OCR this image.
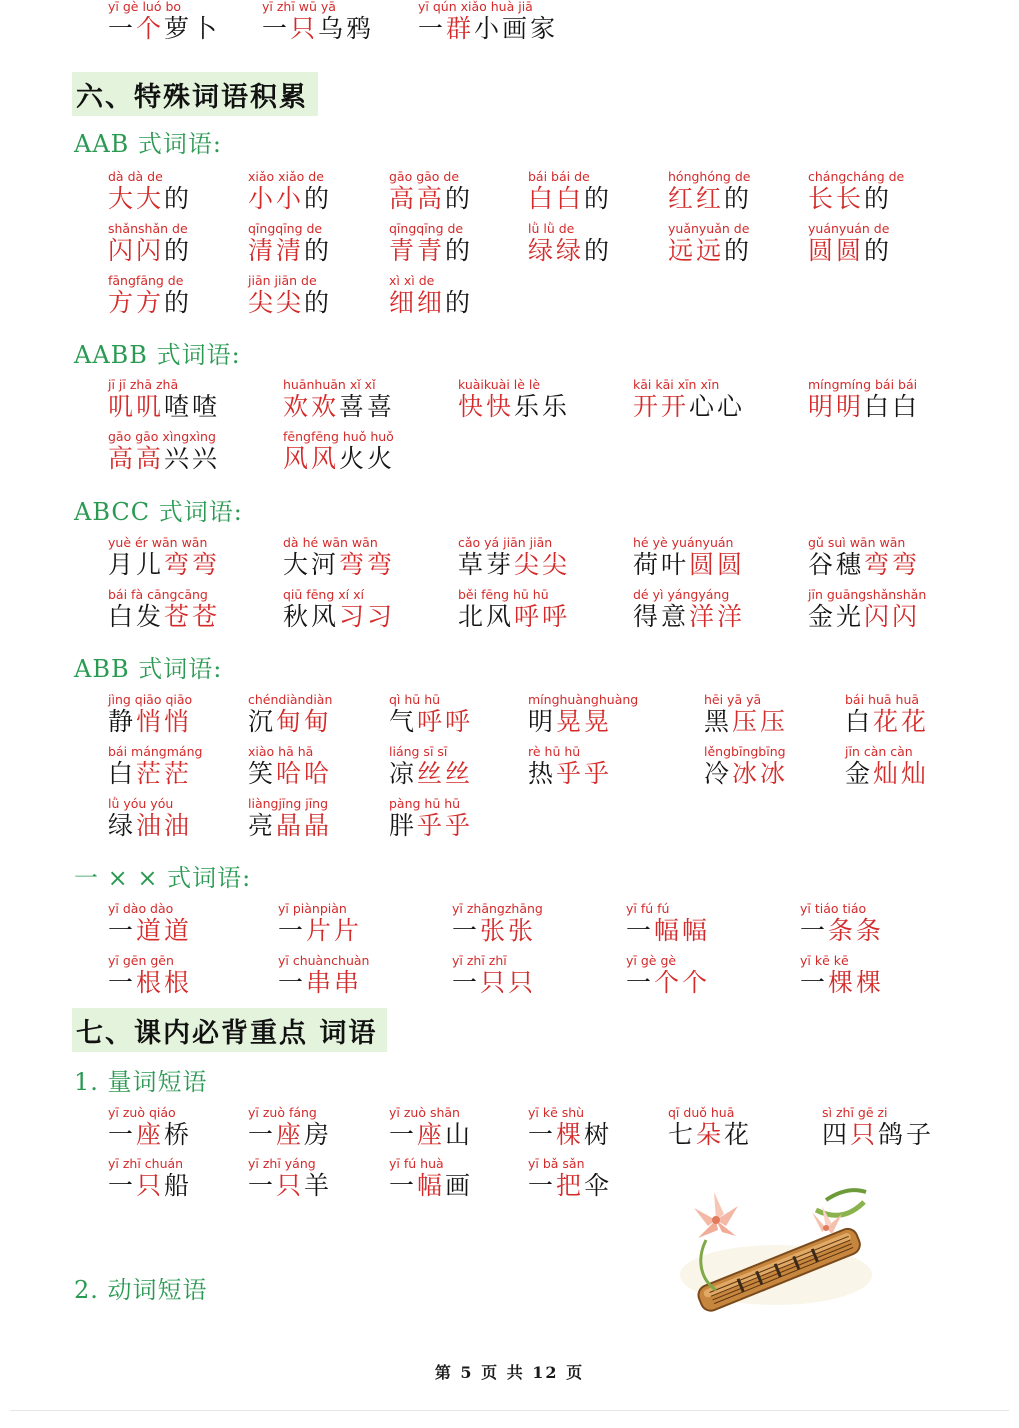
六、特殊词语积累
AAB 式词语:
dà dà de
大大的
xiǎo xiǎo de
小小的
gāo gāo de
高高的
bái bái de
白白的
hónghóng de
红红的
chángcháng de
长长的
shǎnshǎn de
闪闪的
qīngqīng de
清清的
qīngqīng de
青青的
lǜ lǜ de
绿绿的
yuǎnyuǎn de
远远的
yuányuán de
圆圆的
fāngfāng de
方方的
jiān jiān de
尖尖的
xì xì de
细细的
AABB 式词语:
jī jī zhā zhā
叽叽喳喳
huānhuān xǐ xǐ
欢欢喜喜
kuàikuài lè lè
快快乐乐
kāi kāi xīn xīn
开开心心
míngmíng bái bái
明明白白
gāo gāo xìngxìng
高高兴兴
fēngfēng huǒ huǒ
风风火火
ABCC 式词语:
yuè ér wān wān
月儿弯弯
dà hé wān wān
大河弯弯
cǎo yá jiān jiān
草芽尖尖
hé yè yuányuán
荷叶圆圆
gǔ suì wān wān
谷穗弯弯
bái fà cāngcāng
白发苍苍
qiū fēng xí xí
秋风习习
běi fēng hū hū
北风呼呼
dé yì yángyáng
得意洋洋
jīn guāngshǎnshǎn
金光闪闪
ABB 式词语:
jìng qiāo qiāo
静悄悄
chéndiàndiàn
沉甸甸
qì hū hū
气呼呼
mínghuànghuàng
明晃晃
hēi yā yā
黑压压
bái huā huā
白花花
bái mángmáng
白茫茫
xiào hā hā
笑哈哈
liáng sī sī
凉丝丝
rè hū hū
热乎乎
lěngbīngbīng
冷冰冰
jīn càn càn
金灿灿
lǜ yóu yóu
绿油油
liàngjīng jīng
亮晶晶
pàng hū hū
胖乎乎
一 × × 式词语:
yī dào dào
一道道
yī piànpiàn
一片片
yī zhāngzhāng
一张张
yī fú fú
一幅幅
yī tiáo tiáo
一条条
yī gēn gēn
一根根
yī chuànchuàn
一串串
yī zhī zhī
一只只
yī gè gè
一个个
yī kē kē
一棵棵
七、课内必背重点 词语
1. 量词短语
yī zuò qiáo
一座桥
yī zuò fáng
一座房
yī zuò shān
一座山
yī kē shù
一棵树
qī duǒ huā
七朵花
sì zhī gē zi
四只鸽子
yī zhī chuán
一只船
yī zhī yáng
一只羊
yī fú huà
一幅画
yī bǎ sǎn
一把伞
yī gè luó bo
一个萝卜
yī zhī wū yā
一只乌鸦
yī qún xiǎo huà jiā
一群小画家
2. 动词短语
第 5 页 共 12 页
